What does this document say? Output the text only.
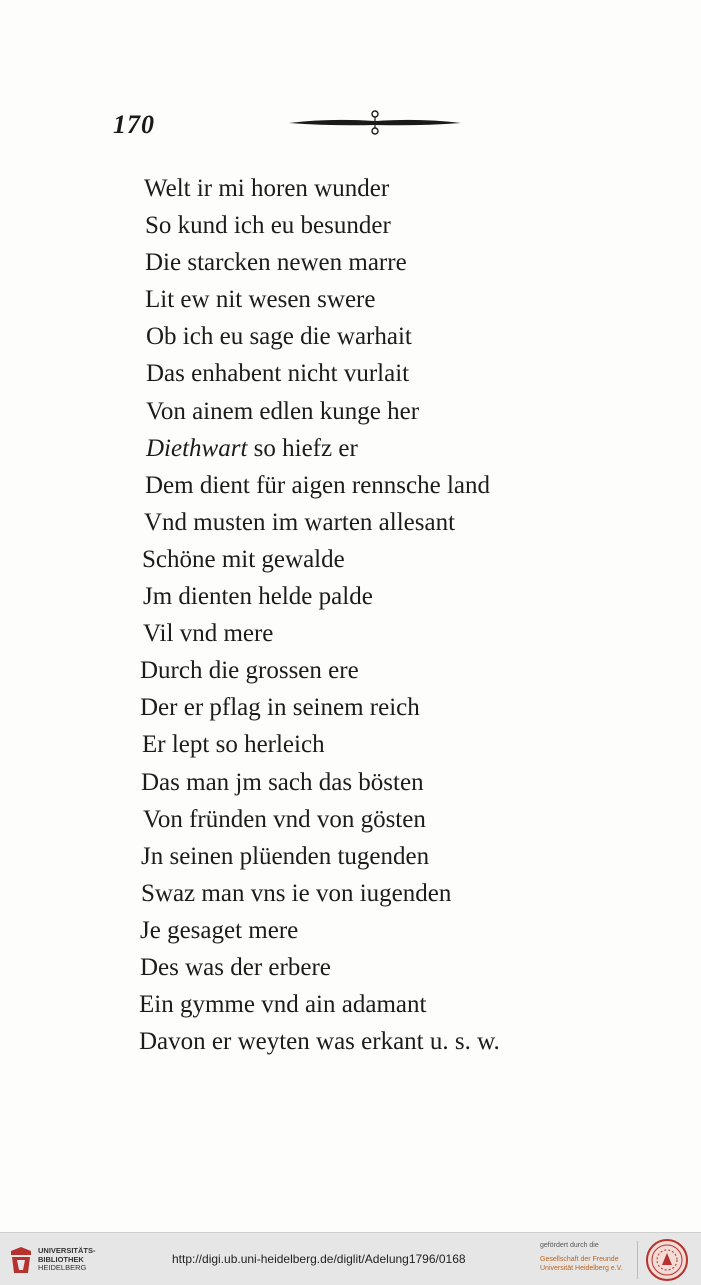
170
Welt ir mi horen wunder
So kund ich eu besunder
Die starcken newen marre
Lit ew nit wesen swere
Ob ich eu sage die warhait
Das enhabent nicht vurlait
Von ainem edlen kunge her
Diethwart so hiefz er
Dem dient für aigen rennsche land
Vnd musten im warten allesant
Schöne mit gewalde
Jm dienten helde palde
Vil vnd mere
Durch die grossen ere
Der er pflag in seinem reich
Er lept so herleich
Das man jm sach das bösten
Von fründen vnd von gösten
Jn seinen plüenden tugenden
Swaz man vns ie von iugenden
Je gesaget mere
Des was der erbere
Ein gymme vnd ain adamant
Davon er weyten was erkant u. s. w.
UNIVERSITÄTS-
BIBLIOTHEK
HEIDELBERG
http://digi.ub.uni-heidelberg.de/diglit/Adelung1796/0168
gefördert durch die
Gesellschaft der Freunde
Universität Heidelberg e.V.
